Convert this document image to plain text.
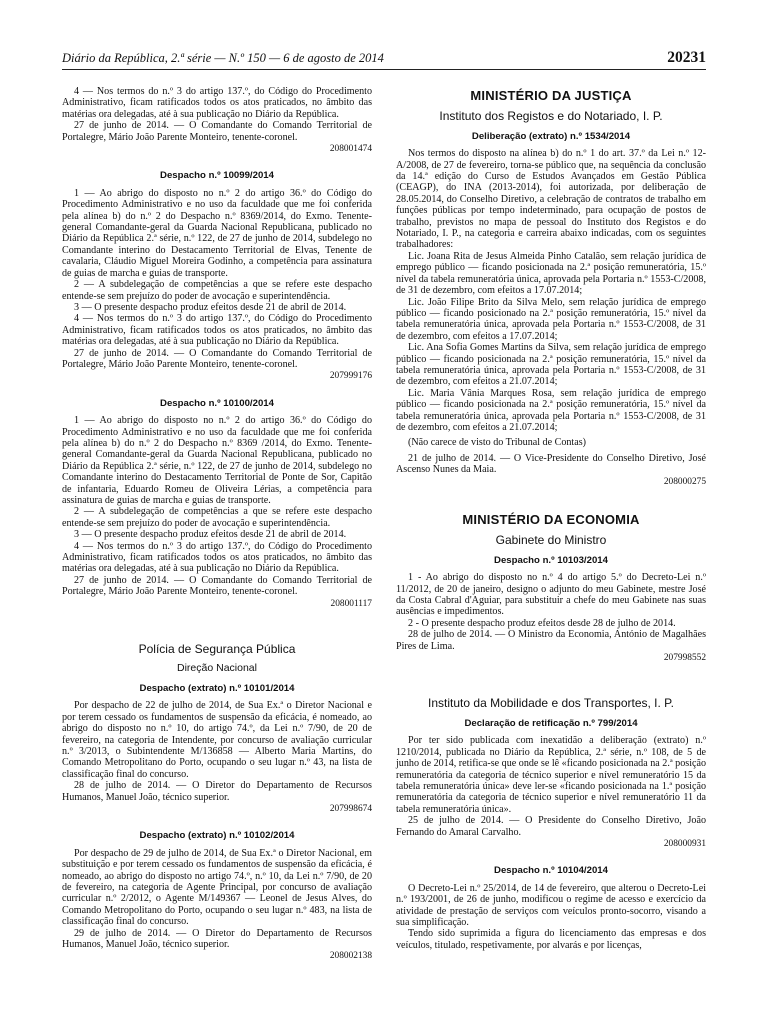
Diário da República, 2.ª série — N.º 150 — 6 de agosto de 2014	20231

4 — Nos termos do n.º 3 do artigo 137.º, do Código do Procedimento Administrativo, ficam ratificados todos os atos praticados, no âmbito das matérias ora delegadas, até à sua publicação no Diário da República.

27 de junho de 2014. — O Comandante do Comando Territorial de Portalegre, Mário João Parente Monteiro, tenente-coronel.

208001474
Despacho n.º 10099/2014

1 — Ao abrigo do disposto no n.º 2 do artigo 36.º do Código do Procedimento Administrativo e no uso da faculdade que me foi conferida pela alínea b) do n.º 2 do Despacho n.º 8369/2014, do Exmo. Tenente-general Comandante-geral da Guarda Nacional Republicana, publicado no Diário da República 2.ª série, n.º 122, de 27 de junho de 2014, subdelego no Comandante interino do Destacamento Territorial de Elvas, Tenente de cavalaria, Cláudio Miguel Moreira Godinho, a competência para assinatura de guias de marcha e guias de transporte.

2 — A subdelegação de competências a que se refere este despacho entende-se sem prejuízo do poder de avocação e superintendência.

3 — O presente despacho produz efeitos desde 21 de abril de 2014.

4 — Nos termos do n.º 3 do artigo 137.º, do Código do Procedimento Administrativo, ficam ratificados todos os atos praticados, no âmbito das matérias ora delegadas, até à sua publicação no Diário da República.

27 de junho de 2014. — O Comandante do Comando Territorial de Portalegre, Mário João Parente Monteiro, tenente-coronel.

207999176
Despacho n.º 10100/2014

1 — Ao abrigo do disposto no n.º 2 do artigo 36.º do Código do Procedimento Administrativo e no uso da faculdade que me foi conferida pela alínea b) do n.º 2 do Despacho n.º 8369 /2014, do Exmo. Tenente-general Comandante-geral da Guarda Nacional Republicana, publicado no Diário da República 2.ª série, n.º 122, de 27 de junho de 2014, subdelego no Comandante interino do Destacamento Territorial de Ponte de Sor, Capitão de infantaria, Eduardo Romeu de Oliveira Lérias, a competência para assinatura de guias de marcha e guias de transporte.

2 — A subdelegação de competências a que se refere este despacho entende-se sem prejuízo do poder de avocação e superintendência.

3 — O presente despacho produz efeitos desde 21 de abril de 2014.

4 — Nos termos do n.º 3 do artigo 137.º, do Código do Procedimento Administrativo, ficam ratificados todos os atos praticados, no âmbito das matérias ora delegadas, até à sua publicação no Diário da República.

27 de junho de 2014. — O Comandante do Comando Territorial de Portalegre, Mário João Parente Monteiro, tenente-coronel.

208001117
Polícia de Segurança Pública
Direção Nacional
Despacho (extrato) n.º 10101/2014

Por despacho de 22 de julho de 2014, de Sua Ex.ª o Diretor Nacional e por terem cessado os fundamentos de suspensão da eficácia, é nomeado, ao abrigo do disposto no n.º 10, do artigo 74.º, da Lei n.º 7/90, de 20 de fevereiro, na categoria de Intendente, por concurso de avaliação curricular n.º 3/2013, o Subintendente M/136858 — Alberto Maria Martins, do Comando Metropolitano do Porto, ocupando o seu lugar n.º 43, na lista de classificação final do concurso.

28 de julho de 2014. — O Diretor do Departamento de Recursos Humanos, Manuel João, técnico superior.

207998674
Despacho (extrato) n.º 10102/2014

Por despacho de 29 de julho de 2014, de Sua Ex.ª o Diretor Nacional, em substituição e por terem cessado os fundamentos de suspensão da eficácia, é nomeado, ao abrigo do disposto no artigo 74.º, n.º 10, da Lei n.º 7/90, de 20 de fevereiro, na categoria de Agente Principal, por concurso de avaliação curricular n.º 2/2012, o Agente M/149367 — Leonel de Jesus Alves, do Comando Metropolitano do Porto, ocupando o seu lugar n.º 483, na lista de classificação final do concurso.

29 de julho de 2014. — O Diretor do Departamento de Recursos Humanos, Manuel João, técnico superior.

208002138
MINISTÉRIO DA JUSTIÇA
Instituto dos Registos e do Notariado, I. P.
Deliberação (extrato) n.º 1534/2014

Nos termos do disposto na alínea b) do n.º 1 do art. 37.º da Lei n.º 12-A/2008, de 27 de fevereiro, torna-se público que, na sequência da conclusão da 14.ª edição do Curso de Estudos Avançados em Gestão Pública (CEAGP), do INA (2013-2014), foi autorizada, por deliberação de 28.05.2014, do Conselho Diretivo, a celebração de contratos de trabalho em funções públicas por tempo indeterminado, para ocupação de postos de trabalho, previstos no mapa de pessoal do Instituto dos Registos e do Notariado, I. P., na categoria e carreira abaixo indicadas, com os seguintes trabalhadores:

Lic. Joana Rita de Jesus Almeida Pinho Catalão, sem relação jurídica de emprego público — ficando posicionada na 2.ª posição remuneratória, 15.º nível da tabela remuneratória única, aprovada pela Portaria n.º 1553-C/2008, de 31 de dezembro, com efeitos a 17.07.2014;

Lic. João Filipe Brito da Silva Melo, sem relação jurídica de emprego público — ficando posicionado na 2.ª posição remuneratória, 15.º nível da tabela remuneratória única, aprovada pela Portaria n.º 1553-C/2008, de 31 de dezembro, com efeitos a 17.07.2014;

Lic. Ana Sofia Gomes Martins da Silva, sem relação jurídica de emprego público — ficando posicionada na 2.ª posição remuneratória, 15.º nível da tabela remuneratória única, aprovada pela Portaria n.º 1553-C/2008, de 31 de dezembro, com efeitos a 21.07.2014;

Lic. Maria Vânia Marques Rosa, sem relação jurídica de emprego público — ficando posicionada na 2.ª posição remuneratória, 15.º nível da tabela remuneratória única, aprovada pela Portaria n.º 1553-C/2008, de 31 de dezembro, com efeitos a 21.07.2014;

(Não carece de visto do Tribunal de Contas)

21 de julho de 2014. — O Vice-Presidente do Conselho Diretivo, José Ascenso Nunes da Maia.

208000275
MINISTÉRIO DA ECONOMIA
Gabinete do Ministro
Despacho n.º 10103/2014

1 - Ao abrigo do disposto no n.º 4 do artigo 5.º do Decreto-Lei n.º 11/2012, de 20 de janeiro, designo o adjunto do meu Gabinete, mestre José da Costa Cabral d'Aguiar, para substituir a chefe do meu Gabinete nas suas ausências e impedimentos.

2 - O presente despacho produz efeitos desde 28 de julho de 2014.

28 de julho de 2014. — O Ministro da Economia, António de Magalhães Pires de Lima.

207998552
Instituto da Mobilidade e dos Transportes, I. P.
Declaração de retificação n.º 799/2014

Por ter sido publicada com inexatidão a deliberação (extrato) n.º 1210/2014, publicada no Diário da República, 2.ª série, n.º 108, de 5 de junho de 2014, retifica-se que onde se lê «ficando posicionada na 2.ª posição remuneratória da categoria de técnico superior e nível remuneratório 15 da tabela remuneratória única» deve ler-se «ficando posicionada na 1.ª posição remuneratória da categoria de técnico superior e nível remuneratório 11 da tabela remuneratória única».

25 de julho de 2014. — O Presidente do Conselho Diretivo, João Fernando do Amaral Carvalho.

208000931
Despacho n.º 10104/2014

O Decreto-Lei n.º 25/2014, de 14 de fevereiro, que alterou o Decreto-Lei n.º 193/2001, de 26 de junho, modificou o regime de acesso e exercício da atividade de prestação de serviços com veículos pronto-socorro, visando a sua simplificação.

Tendo sido suprimida a figura do licenciamento das empresas e dos veículos, titulado, respetivamente, por alvarás e por licenças,
